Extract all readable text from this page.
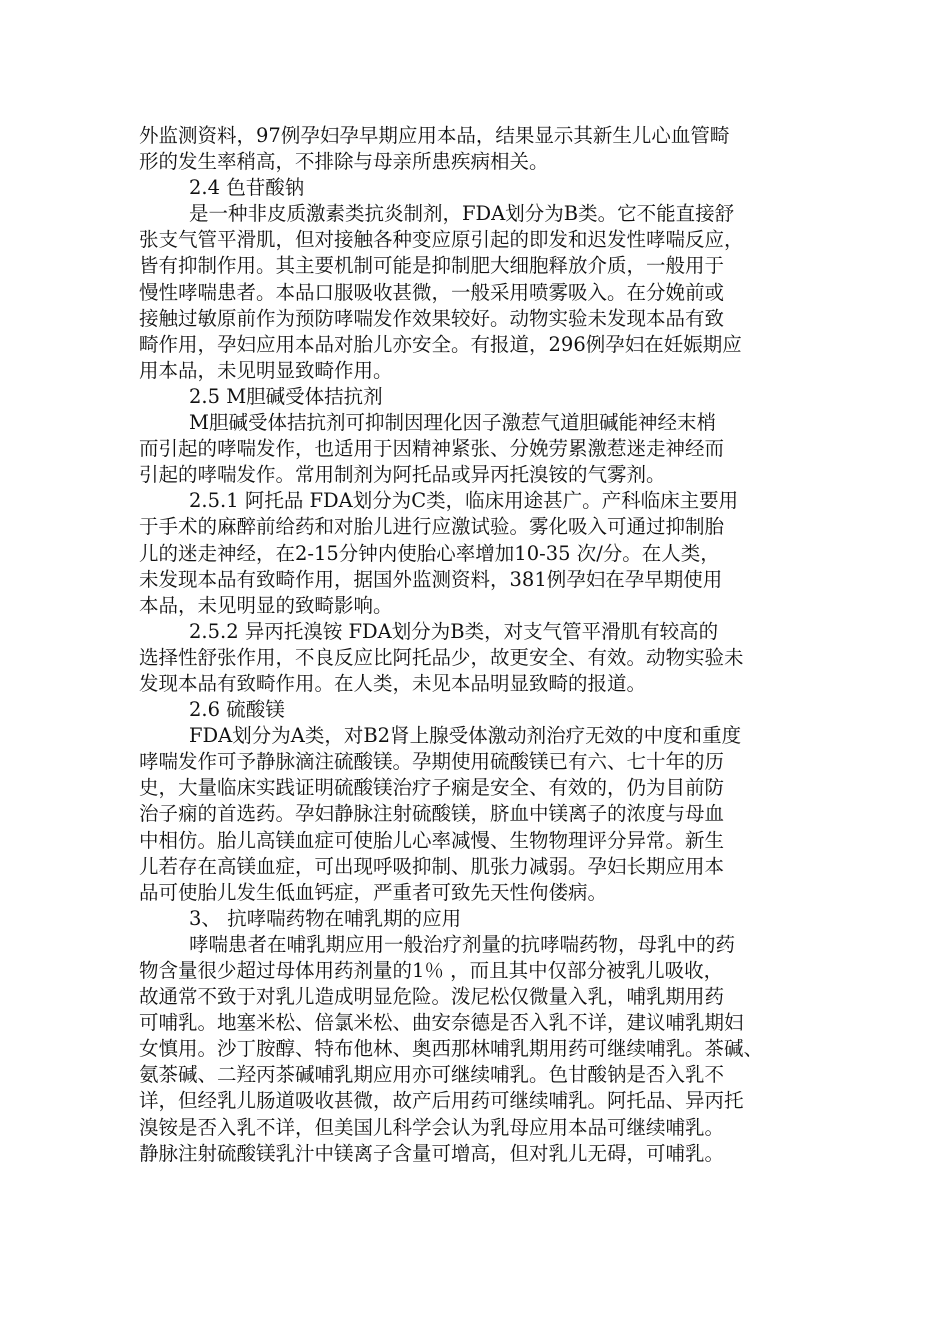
外监测资料，97例孕妇孕早期应用本品，结果显示其新生儿心血管畸
形的发生率稍高，不排除与母亲所患疾病相关。
2.4 色苷酸钠
是一种非皮质激素类抗炎制剂，FDA划分为B类。它不能直接舒
张支气管平滑肌，但对接触各种变应原引起的即发和迟发性哮喘反应，
皆有抑制作用。其主要机制可能是抑制肥大细胞释放介质，一般用于
慢性哮喘患者。本品口服吸收甚微，一般采用喷雾吸入。在分娩前或
接触过敏原前作为预防哮喘发作效果较好。动物实验未发现本品有致
畸作用，孕妇应用本品对胎儿亦安全。有报道，296例孕妇在妊娠期应
用本品，未见明显致畸作用。
2.5 M胆碱受体拮抗剂
M胆碱受体拮抗剂可抑制因理化因子激惹气道胆碱能神经末梢
而引起的哮喘发作，也适用于因精神紧张、分娩劳累激惹迷走神经而
引起的哮喘发作。常用制剂为阿托品或异丙托溴铵的气雾剂。
2.5.1 阿托品 FDA划分为C类，临床用途甚广。产科临床主要用
于手术的麻醉前给药和对胎儿进行应激试验。雾化吸入可通过抑制胎
儿的迷走神经，在2-15分钟内使胎心率增加10-35 次/分。在人类，
未发现本品有致畸作用，据国外监测资料，381例孕妇在孕早期使用
本品，未见明显的致畸影响。
2.5.2 异丙托溴铵 FDA划分为B类，对支气管平滑肌有较高的
选择性舒张作用，不良反应比阿托品少，故更安全、有效。动物实验未
发现本品有致畸作用。在人类，未见本品明显致畸的报道。
2.6 硫酸镁
FDA划分为A类，对B2肾上腺受体激动剂治疗无效的中度和重度
哮喘发作可予静脉滴注硫酸镁。孕期使用硫酸镁已有六、七十年的历
史，大量临床实践证明硫酸镁治疗子痫是安全、有效的，仍为目前防
治子痫的首选药。孕妇静脉注射硫酸镁，脐血中镁离子的浓度与母血
中相仿。胎儿高镁血症可使胎儿心率减慢、生物物理评分异常。新生
儿若存在高镁血症，可出现呼吸抑制、肌张力减弱。孕妇长期应用本
品可使胎儿发生低血钙症，严重者可致先天性佝偻病。
3、 抗哮喘药物在哺乳期的应用
哮喘患者在哺乳期应用一般治疗剂量的抗哮喘药物，母乳中的药
物含量很少超过母体用药剂量的1％ ，而且其中仅部分被乳儿吸收，
故通常不致于对乳儿造成明显危险。泼尼松仅微量入乳，哺乳期用药
可哺乳。地塞米松、倍氯米松、曲安奈德是否入乳不详，建议哺乳期妇
女慎用。沙丁胺醇、特布他林、奥西那林哺乳期用药可继续哺乳。茶碱、
氨茶碱、二羟丙茶碱哺乳期应用亦可继续哺乳。色甘酸钠是否入乳不
详，但经乳儿肠道吸收甚微，故产后用药可继续哺乳。阿托品、异丙托
溴铵是否入乳不详，但美国儿科学会认为乳母应用本品可继续哺乳。
静脉注射硫酸镁乳汁中镁离子含量可增高，但对乳儿无碍，可哺乳。
